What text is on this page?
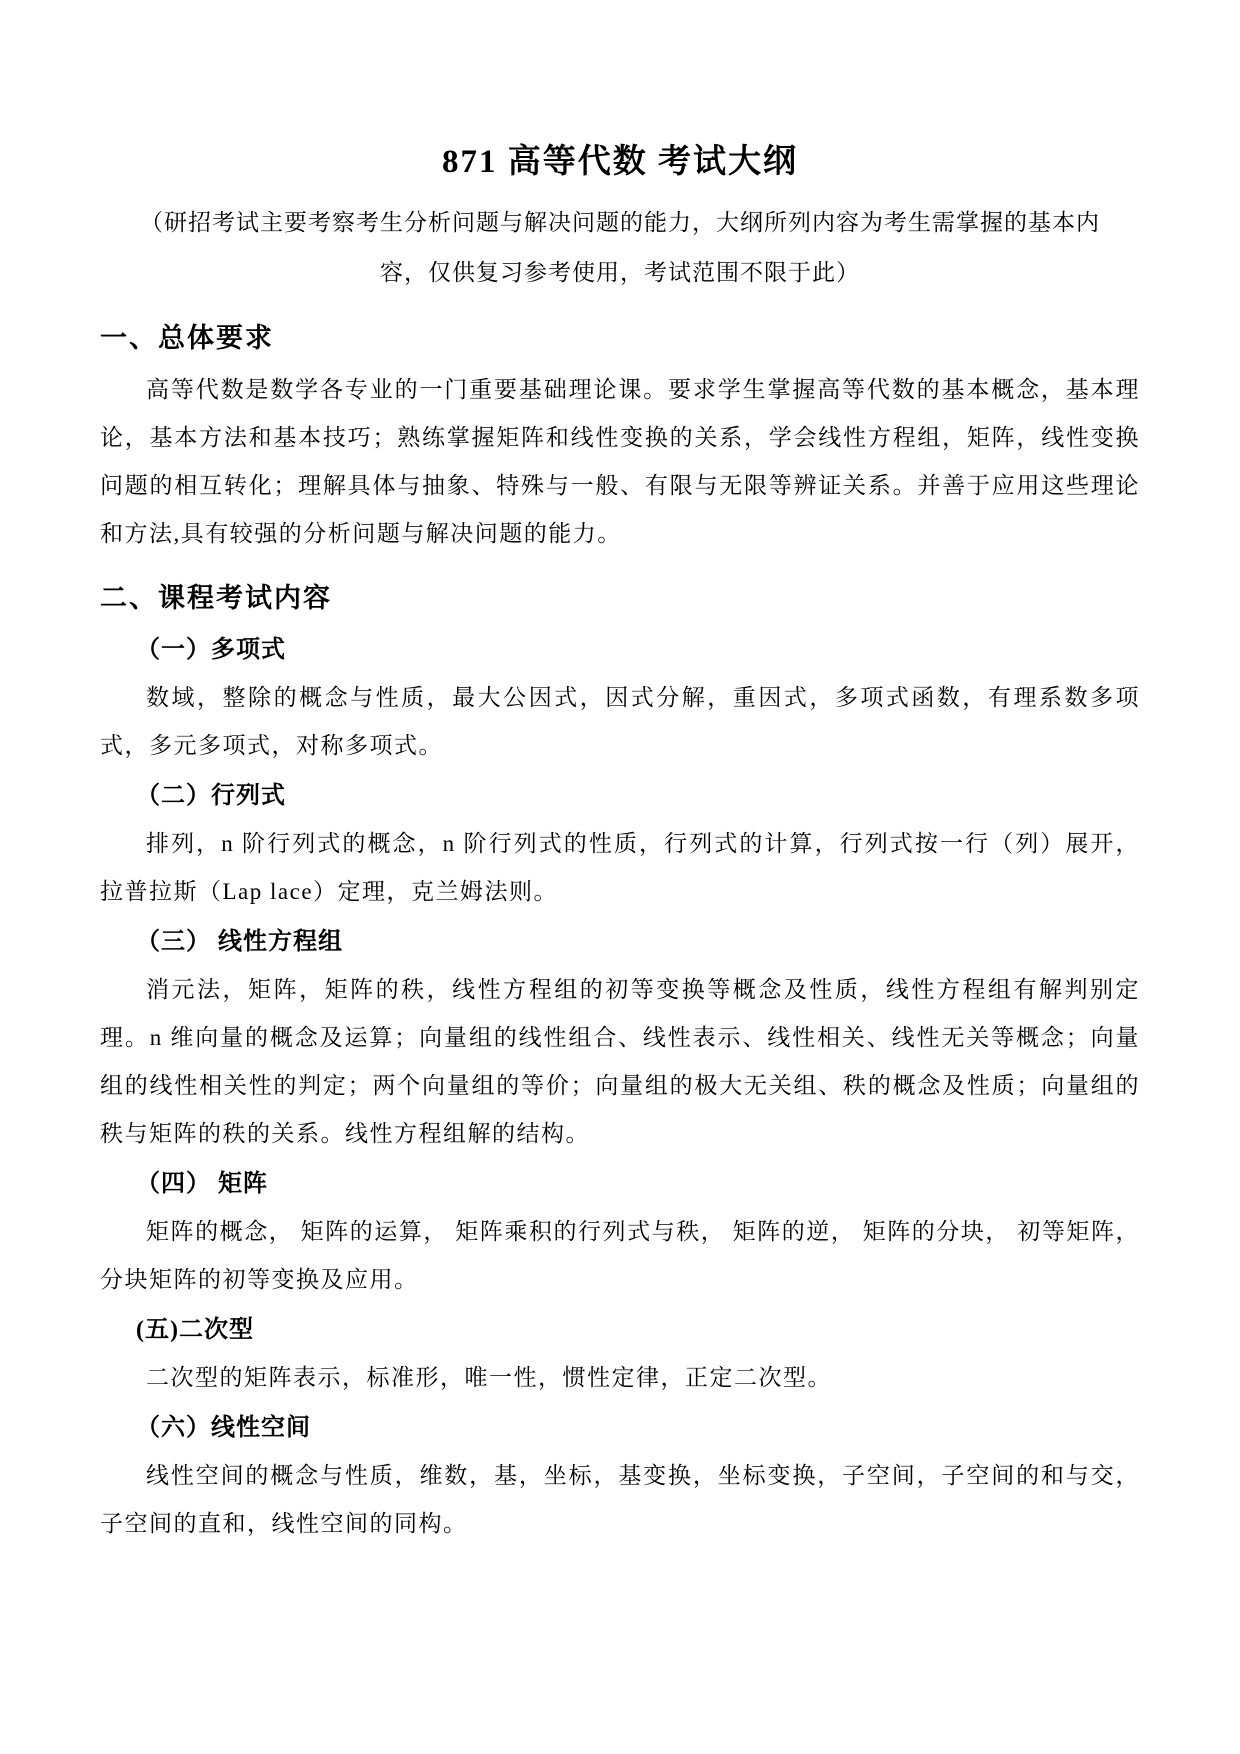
871 高等代数 考试大纲

（研招考试主要考察考生分析问题与解决问题的能力，大纲所列内容为考生需掌握的基本内
容，仅供复习参考使用，考试范围不限于此）

一、总体要求

高等代数是数学各专业的一门重要基础理论课。要求学生掌握高等代数的基本概念，基本理论，基本方法和基本技巧；熟练掌握矩阵和线性变换的关系，学会线性方程组，矩阵，线性变换问题的相互转化；理解具体与抽象、特殊与一般、有限与无限等辨证关系。并善于应用这些理论和方法,具有较强的分析问题与解决问题的能力。

二、课程考试内容
（一）多项式

数域，整除的概念与性质，最大公因式，因式分解，重因式，多项式函数，有理系数多项式，多元多项式，对称多项式。

（二）行列式

排列，n 阶行列式的概念，n 阶行列式的性质，行列式的计算，行列式按一行（列）展开，拉普拉斯（Lap lace）定理，克兰姆法则。

（三） 线性方程组

消元法，矩阵，矩阵的秩，线性方程组的初等变换等概念及性质，线性方程组有解判别定理。n 维向量的概念及运算；向量组的线性组合、线性表示、线性相关、线性无关等概念；向量组的线性相关性的判定；两个向量组的等价；向量组的极大无关组、秩的概念及性质；向量组的秩与矩阵的秩的关系。线性方程组解的结构。

（四） 矩阵

矩阵的概念， 矩阵的运算， 矩阵乘积的行列式与秩， 矩阵的逆， 矩阵的分块， 初等矩阵，分块矩阵的初等变换及应用。

(五)二次型

二次型的矩阵表示，标准形，唯一性，惯性定律，正定二次型。

（六）线性空间

线性空间的概念与性质，维数，基，坐标，基变换，坐标变换，子空间，子空间的和与交，子空间的直和，线性空间的同构。
